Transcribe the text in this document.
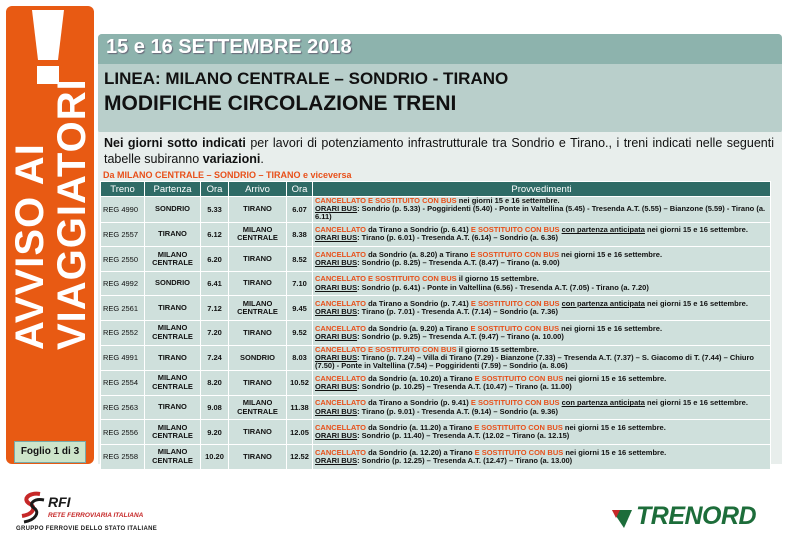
AVVISO AI
VIAGGIATORI
Foglio 1 di 3
15 e 16 SETTEMBRE 2018
LINEA: MILANO CENTRALE – SONDRIO - TIRANO
MODIFICHE CIRCOLAZIONE TRENI
Nei giorni sotto indicati per lavori di potenziamento infrastrutturale tra Sondrio e Tirano., i treni indicati nelle seguenti tabelle subiranno variazioni.
Da MILANO CENTRALE – SONDRIO – TIRANO e viceversa
Treno	Partenza	Ora	Arrivo	Ora	Provvedimenti
REG 4990	SONDRIO	5.33	TIRANO	6.07	CANCELLATO E SOSTITUITO CON BUS nei giorni 15 e 16 settembre.
ORARI BUS: Sondrio (p. 5.33) - Poggiridenti (5.40) - Ponte in Valtellina (5.45) - Tresenda A.T. (5.55) – Bianzone (5.59) - Tirano (a. 6.11)

REG 2557	TIRANO	6.12	MILANO CENTRALE	8.38	CANCELLATO da Tirano a Sondrio (p. 6.41) E SOSTITUITO CON BUS con partenza anticipata nei giorni 15 e 16 settembre.
ORARI BUS: Tirano (p. 6.01) - Tresenda A.T. (6.14) – Sondrio (a. 6.36)

REG 2550	MILANO CENTRALE	6.20	TIRANO	8.52	CANCELLATO da Sondrio (a. 8.20) a Tirano E SOSTITUITO CON BUS nei giorni 15 e 16 settembre.
ORARI BUS: Sondrio (p. 8.25) – Tresenda A.T. (8.47) – Tirano (a. 9.00)

REG 4992	SONDRIO	6.41	TIRANO	7.10	CANCELLATO E SOSTITUITO CON BUS il giorno 15 settembre.
ORARI BUS: Sondrio (p. 6.41) - Ponte in Valtellina (6.56) - Tresenda A.T. (7.05) - Tirano (a. 7.20)

REG 2561	TIRANO	7.12	MILANO CENTRALE	9.45	CANCELLATO da Tirano a Sondrio (p. 7.41) E SOSTITUITO CON BUS con partenza anticipata nei giorni 15 e 16 settembre.
ORARI BUS: Tirano (p. 7.01) - Tresenda A.T. (7.14) – Sondrio (a. 7.36)

REG 2552	MILANO CENTRALE	7.20	TIRANO	9.52	CANCELLATO da Sondrio (a. 9.20) a Tirano E SOSTITUITO CON BUS nei giorni 15 e 16 settembre.
ORARI BUS: Sondrio (p. 9.25) – Tresenda A.T. (9.47) – Tirano (a. 10.00)

REG 4991	TIRANO	7.24	SONDRIO	8.03	CANCELLATO E SOSTITUITO CON BUS il giorno 15 settembre.
ORARI BUS: Tirano (p. 7.24) – Villa di Tirano (7.29) - Bianzone (7.33) – Tresenda A.T. (7.37) – S. Giacomo di T. (7.44) – Chiuro (7.50) - Ponte in Valtellina (7.54) – Poggiridenti (7.59) – Sondrio (a. 8.06)

REG 2554	MILANO CENTRALE	8.20	TIRANO	10.52	CANCELLATO da Sondrio (a. 10.20) a Tirano E SOSTITUITO CON BUS nei giorni 15 e 16 settembre.
ORARI BUS: Sondrio (p. 10.25) – Tresenda A.T. (10.47) – Tirano (a. 11.00)

REG 2563	TIRANO	9.08	MILANO CENTRALE	11.38	CANCELLATO da Tirano a Sondrio (p. 9.41) E SOSTITUITO CON BUS con partenza anticipata nei giorni 15 e 16 settembre.
ORARI BUS: Tirano (p. 9.01) - Tresenda A.T. (9.14) – Sondrio (a. 9.36)

REG 2556	MILANO CENTRALE	9.20	TIRANO	12.05	CANCELLATO da Sondrio (a. 11.20) a Tirano E SOSTITUITO CON BUS nei giorni 15 e 16 settembre.
ORARI BUS: Sondrio (p. 11.40) – Tresenda A.T. (12.02 – Tirano (a. 12.15)

REG 2558	MILANO CENTRALE	10.20	TIRANO	12.52	CANCELLATO da Sondrio (a. 12.20) a Tirano E SOSTITUITO CON BUS nei giorni 15 e 16 settembre.
ORARI BUS: Sondrio (p. 12.25) – Tresenda A.T. (12.47) – Tirano (a. 13.00)
RFI
RETE FERROVIARIA ITALIANA
GRUPPO FERROVIE DELLO STATO ITALIANE	TRENORD
